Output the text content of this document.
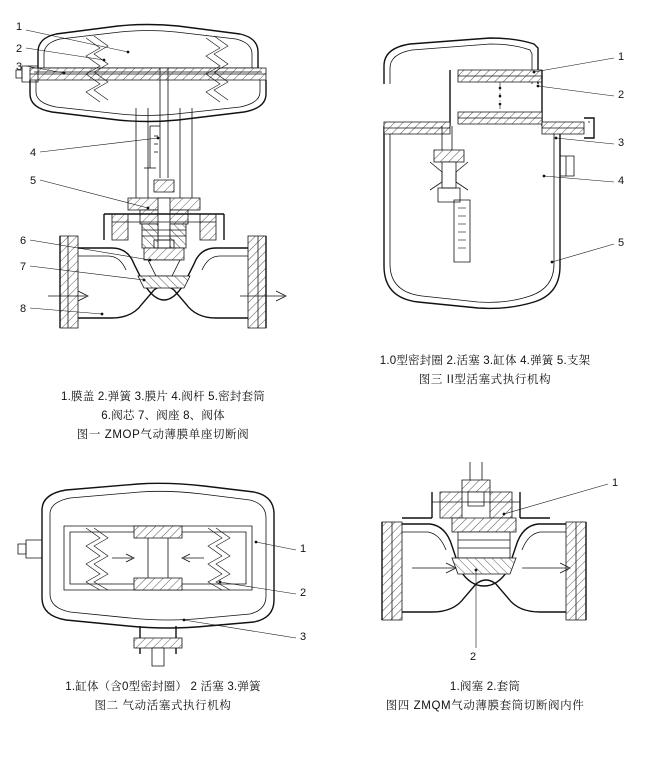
1
2
3
4
5
6
7
8
1.膜盖 2.弹簧 3.膜片 4.阀杆 5.密封套筒
6.阀芯 7、阀座 8、阀体
图一 ZMOP气动薄膜单座切断阀
1
2
3
4
5
1.0型密封圈 2.活塞 3.缸体 4.弹簧 5.支架
图三 II型活塞式执行机构
1
2
3
1.缸体（含0型密封圈） 2 活塞 3.弹簧
图二 气动活塞式执行机构
1
2
1.阀塞 2.套筒
图四 ZMQM气动薄膜套筒切断阀内件
